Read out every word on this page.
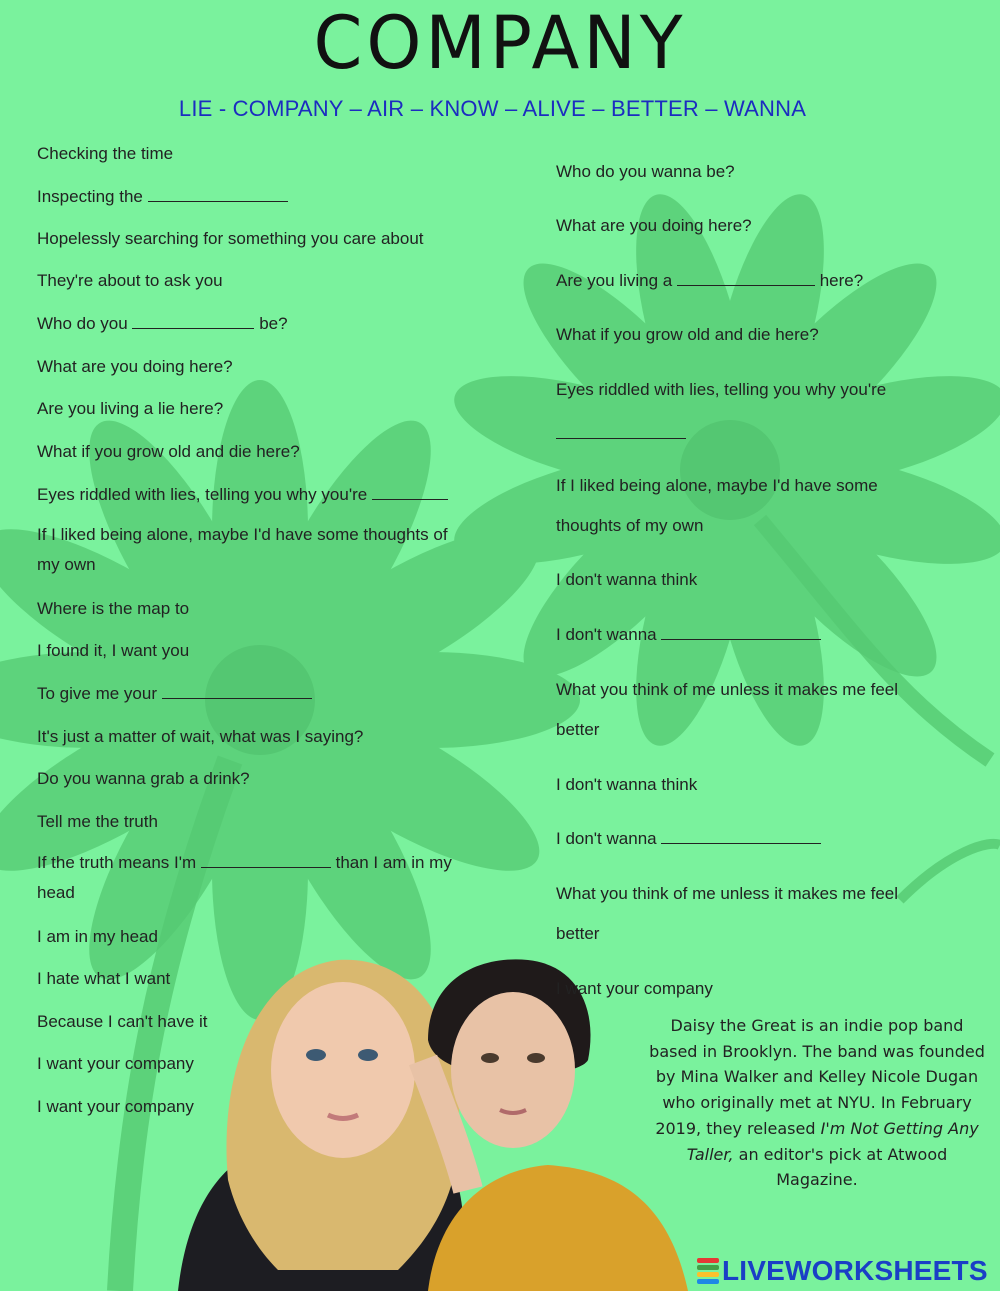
COMPANY
LIE - COMPANY – AIR – KNOW – ALIVE – BETTER – WANNA
Checking the time
Inspecting the
Hopelessly searching for something you care about
They're about to ask you
Who do you	be?
What are you doing here?
Are you living a lie here?
What if you grow old and die here?
Eyes riddled with lies, telling you why you're
If I liked being alone, maybe I'd have some thoughts of my own
Where is the map to
I found it, I want you
To give me your
It's just a matter of wait, what was I saying?
Do you wanna grab a drink?
Tell me the truth
If the truth means I'm	than I am in my head
I am in my head
I hate what I want
Because I can't have it
I want your company
I want your company
Who do you wanna be?
What are you doing here?
Are you living a	here?
What if you grow old and die here?
Eyes riddled with lies, telling you why you're
If I liked being alone, maybe I'd have some
thoughts of my own
I don't wanna think
I don't wanna
What you think of me unless it makes me feel
better
I don't wanna think
I don't wanna
What you think of me unless it makes me feel
better
I want your company
Daisy the Great is an indie pop band based in Brooklyn. The band was founded by Mina Walker and Kelley Nicole Dugan who originally met at NYU. In February 2019, they released I'm Not Getting Any Taller, an editor's pick at Atwood Magazine.
LIVEWORKSHEETS
